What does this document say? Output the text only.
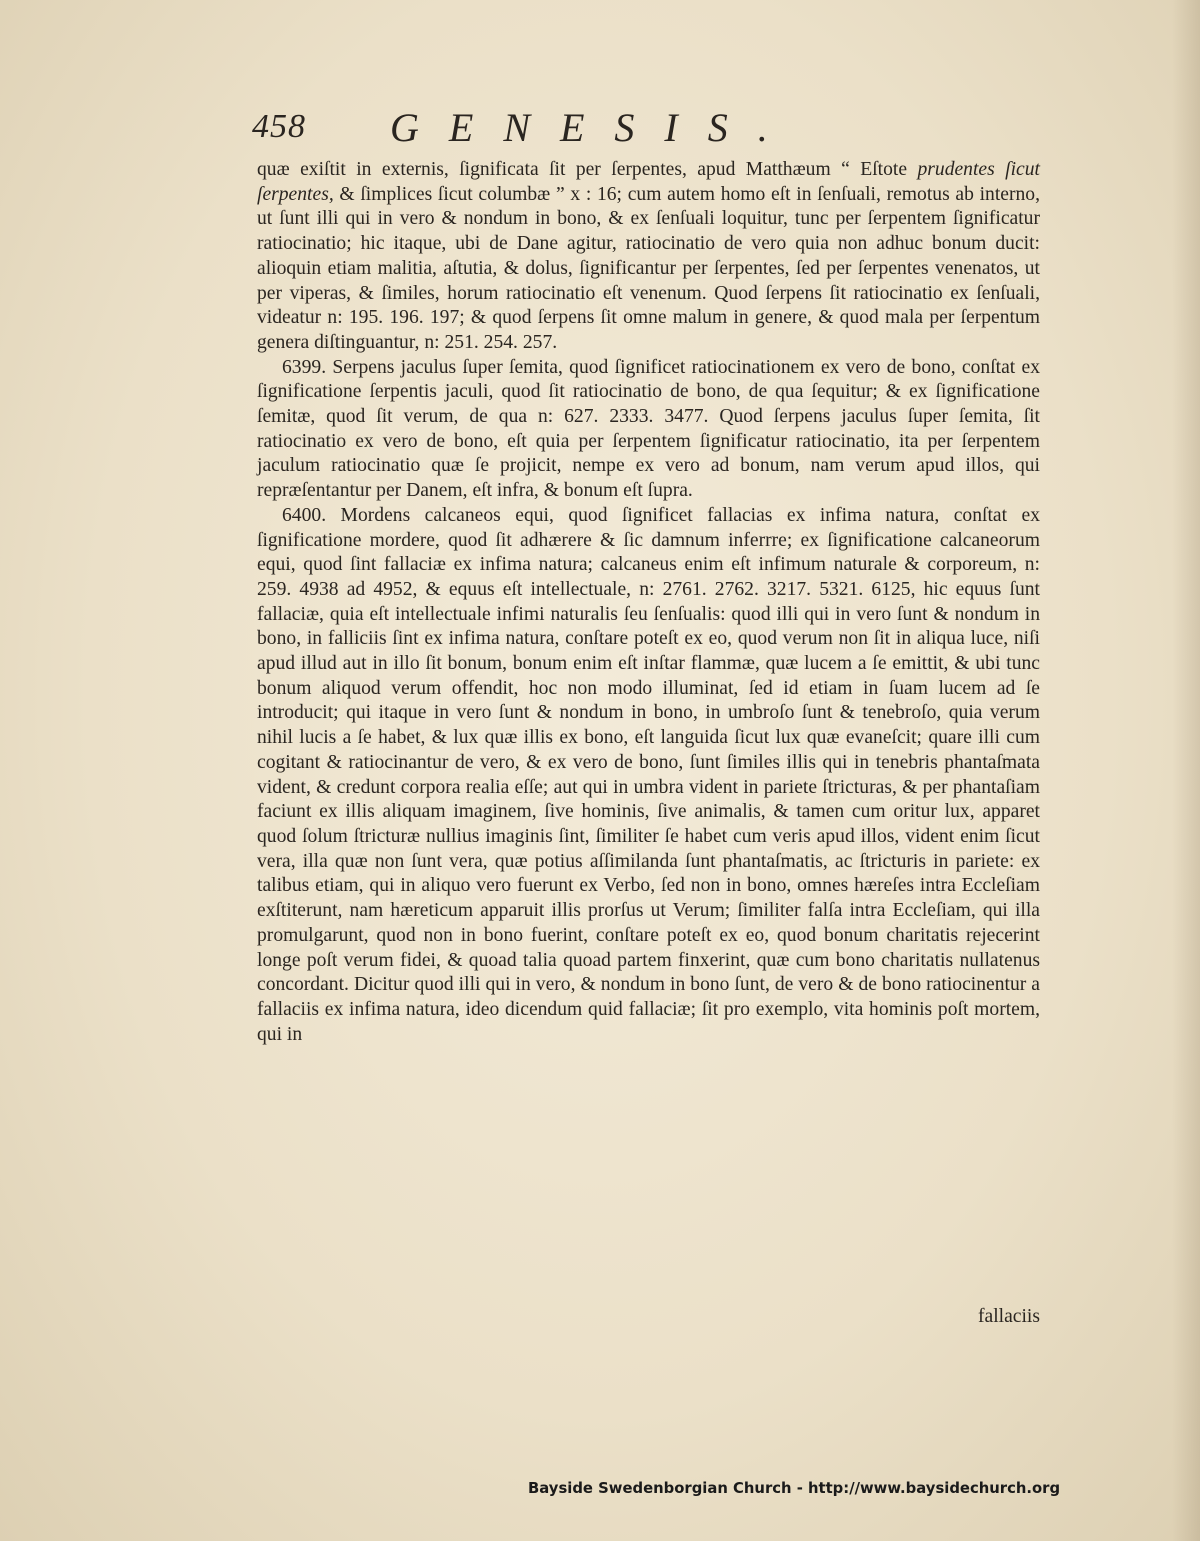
458 GENESIS.

quæ exiſtit in externis, ſignificata ſit per ſerpentes, apud Matthæum “ Eſtote prudentes ſicut ſerpentes, & ſimplices ſicut columbæ ” x : 16; cum autem homo eſt in ſenſuali, remotus ab interno, ut ſunt illi qui in vero & nondum in bono, & ex ſenſuali loquitur, tunc per ſerpentem ſignificatur ratiocinatio; hic itaque, ubi de Dane agitur, ratiocinatio de vero quia non adhuc bonum ducit: alioquin etiam malitia, aſtutia, & dolus, ſignificantur per ſerpentes, ſed per ſerpentes venenatos, ut per viperas, & ſimiles, horum ratiocinatio eſt venenum. Quod ſerpens ſit ratiocinatio ex ſenſuali, videatur n: 195. 196. 197; & quod ſerpens ſit omne malum in genere, & quod mala per ſerpentum genera diſtinguantur, n: 251. 254. 257.

6399. Serpens jaculus ſuper ſemita, quod ſignificet ratiocinationem ex vero de bono, conſtat ex ſignificatione ſerpentis jaculi, quod ſit ratiocinatio de bono, de qua ſequitur; & ex ſignificatione ſemitæ, quod ſit verum, de qua n: 627. 2333. 3477. Quod ſerpens jaculus ſuper ſemita, ſit ratiocinatio ex vero de bono, eſt quia per ſerpentem ſignificatur ratiocinatio, ita per ſerpentem jaculum ratiocinatio quæ ſe projicit, nempe ex vero ad bonum, nam verum apud illos, qui repræſentantur per Danem, eſt infra, & bonum eſt ſupra.

6400. Mordens calcaneos equi, quod ſignificet fallacias ex infima natura, conſtat ex ſignificatione mordere, quod ſit adhærere & ſic damnum inferrre; ex ſignificatione calcaneorum equi, quod ſint fallaciæ ex infima natura; calcaneus enim eſt infimum naturale & corporeum, n: 259. 4938 ad 4952, & equus eſt intellectuale, n: 2761. 2762. 3217. 5321. 6125, hic equus ſunt fallaciæ, quia eſt intellectuale infimi naturalis ſeu ſenſualis: quod illi qui in vero ſunt & nondum in bono, in falliciis ſint ex infima natura, conſtare poteſt ex eo, quod verum non ſit in aliqua luce, niſi apud illud aut in illo ſit bonum, bonum enim eſt inſtar flammæ, quæ lucem a ſe emittit, & ubi tunc bonum aliquod verum offendit, hoc non modo illuminat, ſed id etiam in ſuam lucem ad ſe introducit; qui itaque in vero ſunt & nondum in bono, in umbroſo ſunt & tenebroſo, quia verum nihil lucis a ſe habet, & lux quæ illis ex bono, eſt languida ſicut lux quæ evaneſcit; quare illi cum cogitant & ratiocinantur de vero, & ex vero de bono, ſunt ſimiles illis qui in tenebris phantaſmata vident, & credunt corpora realia eſſe; aut qui in umbra vident in pariete ſtricturas, & per phantaſiam faciunt ex illis aliquam imaginem, ſive hominis, ſive animalis, & tamen cum oritur lux, apparet quod ſolum ſtricturæ nullius imaginis ſint, ſimiliter ſe habet cum veris apud illos, vident enim ſicut vera, illa quæ non ſunt vera, quæ potius aſſimilanda ſunt phantaſmatis, ac ſtricturis in pariete: ex talibus etiam, qui in aliquo vero fuerunt ex Verbo, ſed non in bono, omnes hæreſes intra Eccleſiam exſtiterunt, nam hæreticum apparuit illis prorſus ut Verum; ſimiliter falſa intra Eccleſiam, qui illa promulgarunt, quod non in bono fuerint, conſtare poteſt ex eo, quod bonum charitatis rejecerint longe poſt verum fidei, & quoad talia quoad partem finxerint, quæ cum bono charitatis nullatenus concordant. Dicitur quod illi qui in vero, & nondum in bono ſunt, de vero & de bono ratiocinentur a fallaciis ex infima natura, ideo dicendum quid fallaciæ; ſit pro exemplo, vita hominis poſt mortem, qui in

fallaciis
Bayside Swedenborgian Church - http://www.baysidechurch.org
